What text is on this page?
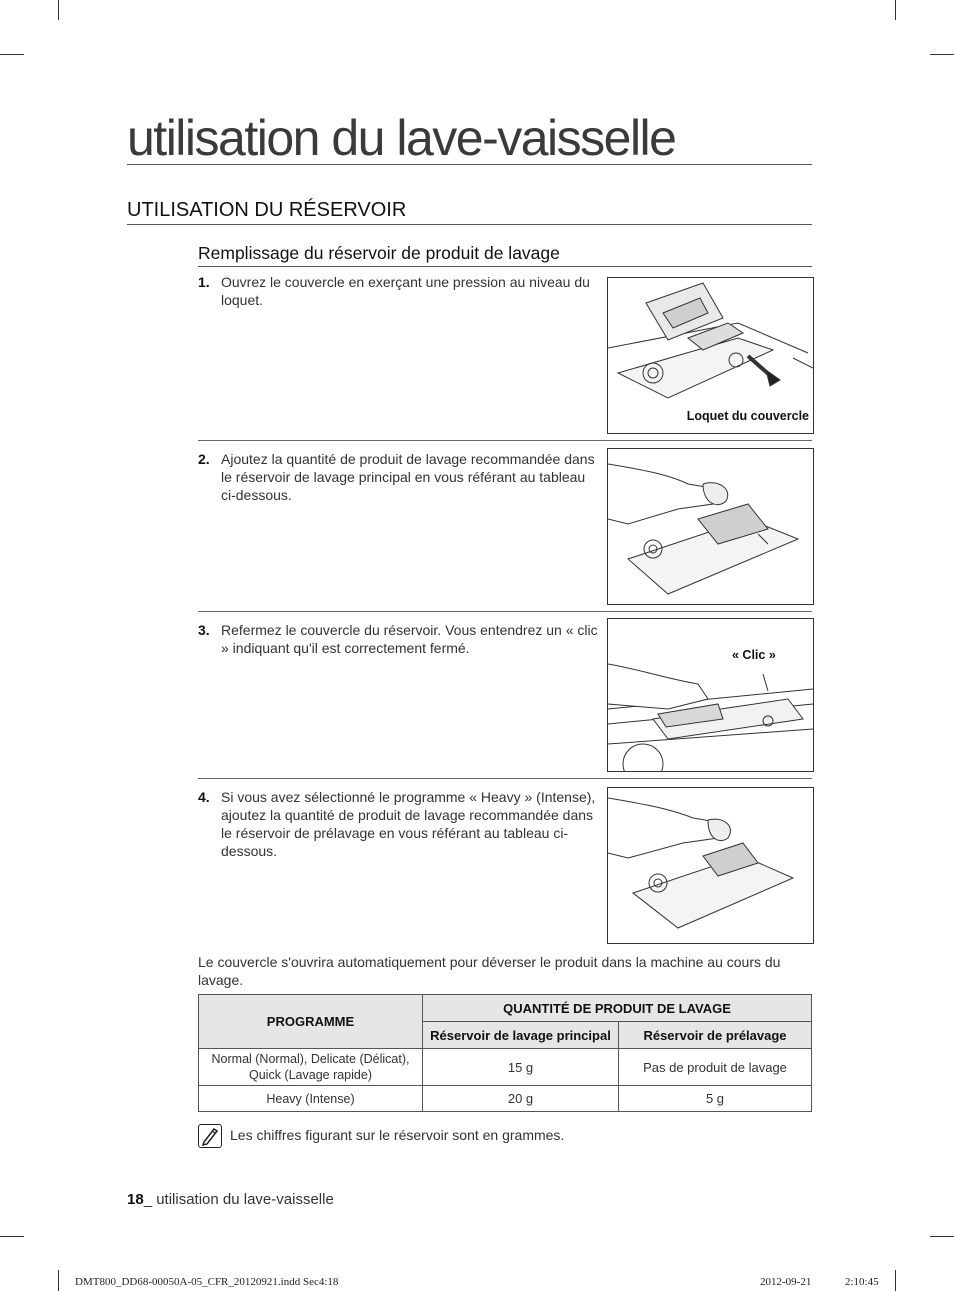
utilisation du lave-vaisselle
UTILISATION DU RÉSERVOIR
Remplissage du réservoir de produit de lavage
1. Ouvrez le couvercle en exerçant une pression au niveau du loquet.
Loquet du couvercle
2. Ajoutez la quantité de produit de lavage recommandée dans le réservoir de lavage principal en vous référant au tableau ci-dessous.
3. Refermez le couvercle du réservoir. Vous entendrez un « clic » indiquant qu'il est correctement fermé.	« Clic »
4. Si vous avez sélectionné le programme « Heavy » (Intense), ajoutez la quantité de produit de lavage recommandée dans le réservoir de prélavage en vous référant au tableau ci-dessous.
Le couvercle s'ouvrira automatiquement pour déverser le produit dans la machine au cours du lavage.
PROGRAMME	QUANTITÉ DE PRODUIT DE LAVAGE	
	Réservoir de lavage principal	Réservoir de prélavage
Normal (Normal), Delicate (Délicat), Quick (Lavage rapide)	15 g	Pas de produit de lavage
Heavy (Intense)	20 g	5 g
Les chiffres figurant sur le réservoir sont en grammes.
18_ utilisation du lave-vaisselle
DMT800_DD68-00050A-05_CFR_20120921.indd Sec4:18	2012-09-21	2:10:45
